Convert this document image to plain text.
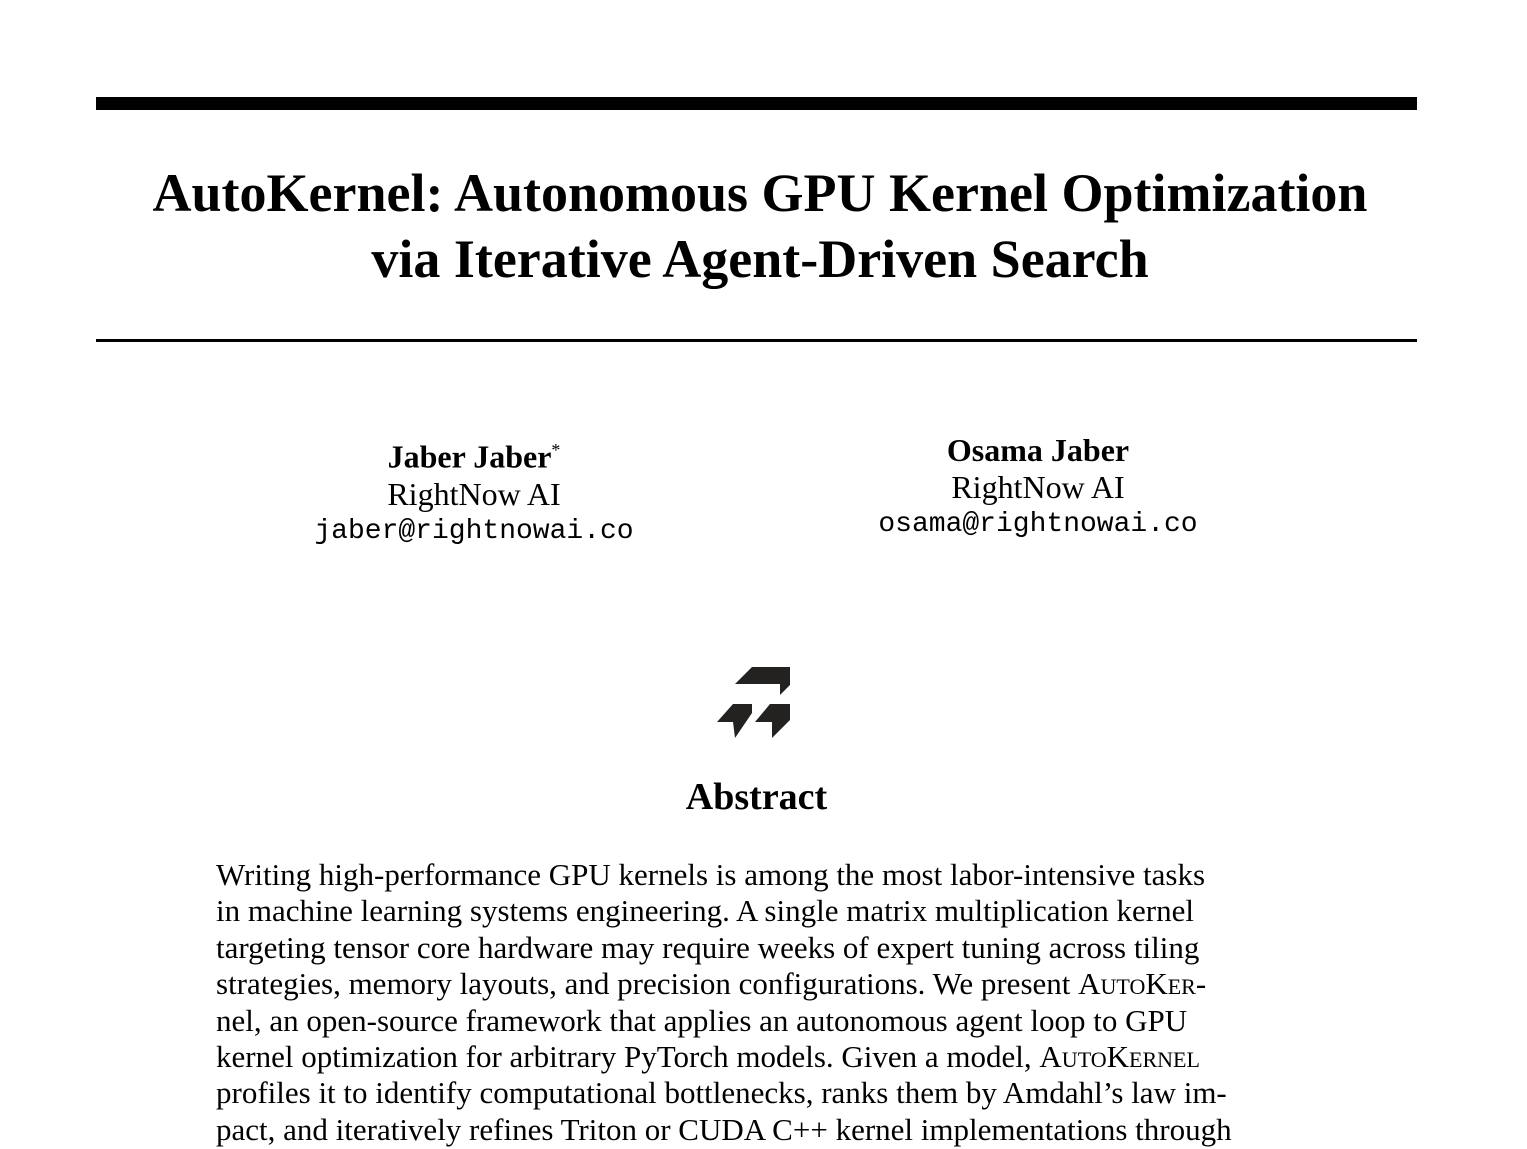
AutoKernel: Autonomous GPU Kernel Optimization
via Iterative Agent-Driven Search
Jaber Jaber*
RightNow AI
jaber@rightnowai.co
Osama Jaber
RightNow AI
osama@rightnowai.co
Abstract

Writing high-performance GPU kernels is among the most labor-intensive tasks

in machine learning systems engineering. A single matrix multiplication kernel

targeting tensor core hardware may require weeks of expert tuning across tiling

strategies, memory layouts, and precision configurations. We present AutoKer-

nel, an open-source framework that applies an autonomous agent loop to GPU

kernel optimization for arbitrary PyTorch models. Given a model, AutoKernel

profiles it to identify computational bottlenecks, ranks them by Amdahl’s law im-

pact, and iteratively refines Triton or CUDA C++ kernel implementations through
